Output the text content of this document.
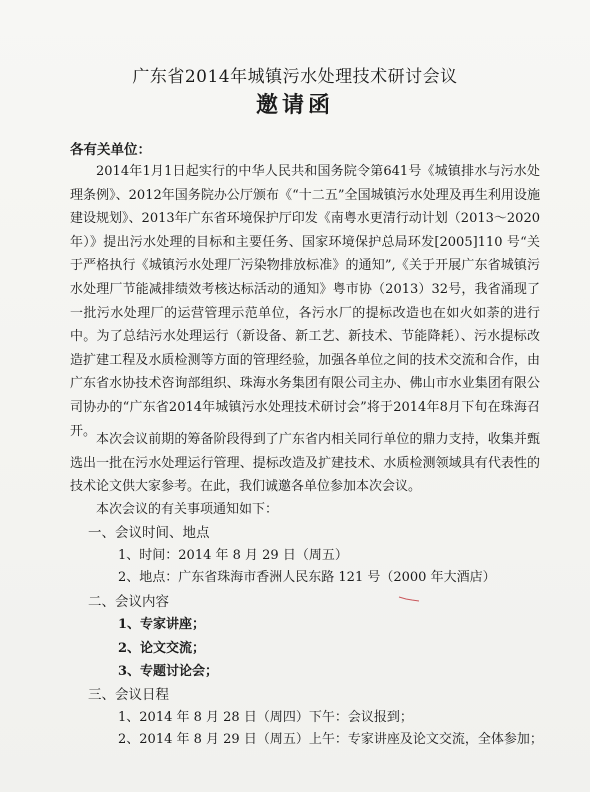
广东省2014年城镇污水处理技术研讨会议
邀请函
各有关单位：
2014年1月1日起实行的中华人民共和国务院令第641号《城镇排水与污水处理条例》、2012年国务院办公厅颁布《“十二五”全国城镇污水处理及再生利用设施建设规划》、2013年广东省环境保护厅印发《南粤水更清行动计划（2013～2020年）》提出污水处理的目标和主要任务、国家环境保护总局环发[2005]110 号“关于严格执行《城镇污水处理厂污染物排放标准》的通知”,《关于开展广东省城镇污水处理厂节能减排绩效考核达标活动的通知》粤市协（2013）32号，我省涌现了一批污水处理厂的运营管理示范单位，各污水厂的提标改造也在如火如荼的进行中。为了总结污水处理运行（新设备、新工艺、新技术、节能降耗）、污水提标改造扩建工程及水质检测等方面的管理经验，加强各单位之间的技术交流和合作，由广东省水协技术咨询部组织、珠海水务集团有限公司主办、佛山市水业集团有限公司协办的“广东省2014年城镇污水处理技术研讨会”将于2014年8月下旬在珠海召开。
本次会议前期的筹备阶段得到了广东省内相关同行单位的鼎力支持，收集并甄选出一批在污水处理运行管理、提标改造及扩建技术、水质检测领域具有代表性的技术论文供大家参考。在此，我们诚邀各单位参加本次会议。
本次会议的有关事项通知如下：
一、会议时间、地点
1、时间：2014 年 8 月 29 日（周五）
2、地点：广东省珠海市香洲人民东路 121 号（2000 年大酒店）
二、会议内容
1、专家讲座；
2、论文交流；
3、专题讨论会；
三、会议日程
1、2014 年 8 月 28 日（周四）下午：会议报到；
2、2014 年 8 月 29 日（周五）上午：专家讲座及论文交流，全体参加；
